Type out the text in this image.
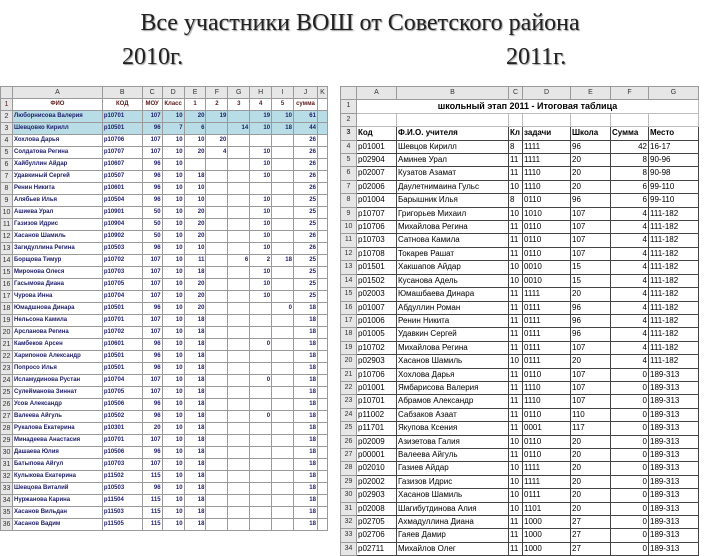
Все участники ВОШ от Советского района
2010г.	2011г.
	A	B	C	D	E	F	G	H	I	J	K
1	ФИО	КОД	МОУ	Класс	1	2	3	4	5	сумма	
2	Люборнисова Валерия	р10701	107	10	20	19		19	10	61	
3	Шевцовко Кирилл	р10501	96	7	6		14	10	18	44	
4	Хохлова Дарья	р10706	107	10	10	20				26	
5	Солдатова Регина	р10707	107	10	20	4		10		26	
6	Хайбуллин Айдар	р10607	96	10				10		26	
7	Удавкиный Сергей	р10507	96	10	18			10		26	
8	Ренин Никита	р10601	96	10	10					26	
9	Алябьев Илья	р10504	96	10	10			10		25	
10	Ашиева Урал	р10901	50	10	20			10		25	
11	Газизов Идрис	р10904	50	10	20			10		25	
12	Хасанов Шамиль	р10902	50	10	20			10		26	
13	Загидуллина Регина	р10503	96	10	10			10		26	
14	Борщова Тимур	р10702	107	10	11		6	2	18	25	
15	Миронова Олеся	р10703	107	10	18			10		25	
16	Гасымова Диана	р10705	107	10	20			10		25	
17	Чурова Инна	р10704	107	10	20			10		25	
18	Юмадшнова Динара	р10501	96	10	20				0	18	
19	Нельсона Камила	р10701	107	10	18					18	
20	Арсланова Регина	р10702	107	10	18					18	
21	Камбеков Арсен	р10601	96	10	18			0		18	
22	Харипонов Александр	р10501	96	10	18					18	
23	Попросо Илья	р10501	96	10	18					18	
24	Исламудинова Рустан	р10704	107	10	18			0		18	
25	Сулейманова Зиннат	р10705	107	10	18					18	
26	Усов Александр	р10506	96	10	18					18	
27	Валеева Айгуль	р10502	96	10	18			0		18	
28	Рукалова Екатерина	р10301	20	10	18					18	
29	Минадеева Анастасия	р10701	107	10	18					18	
30	Дашаева Юлия	р10506	96	10	18					18	
31	Батыпова Айгул	р10703	107	10	18					18	
32	Кулыкова Екатерина	р11502	115	10	18					18	
33	Шевцова Виталий	р10503	96	10	18					18	
34	Нуржанова Карина	р11504	115	10	18					18	
35	Хасанов Вильдан	р11503	115	10	18					18	
36	Хасанов Вадим	р11505	115	10	18					18	
	A	B	C	D	E	F	G
1	школьный этап 2011 - Итоговая таблица						
2							
3	Код	Ф.И.О. учителя	Кл	задачи	Школа	Сумма	Место
4	p01001	Шевцов Кирилл	8	1111	96	42	16-17
5	p02904	Аминев Урал	11	1111	20	8	90-96
6	p02007	Кузатов Азамат	11	1110	20	8	90-98
7	p02006	Даулетнимаина Гульс	10	1110	20	6	99-110
8	p01004	Барышник Илья	8	0110	96	6	99-110
9	p10707	Григорьев Михаил	10	1010	107	4	111-182
10	p10706	Михайлова Регина	11	0110	107	4	111-182
11	p10703	Сатнова Камила	11	0110	107	4	111-182
12	p10708	Токарев Рашат	11	0110	107	4	111-182
13	p01501	Хакшапов Айдар	10	0010	15	4	111-182
14	p01502	Кусанова Адель	10	0010	15	4	111-182
15	p02003	Юмашбаева Динара	11	1111	20	4	111-182
16	p01007	Абдуллин Роман	11	0111	96	4	111-182
17	p01006	Ренин Никита	11	0111	96	4	111-182
18	p01005	Удавкин Сергей	11	0111	96	4	111-182
19	p10702	Михайлова Регина	11	0111	107	4	111-182
20	p02903	Хасанов Шамиль	10	0111	20	4	111-182
21	p10706	Хохлова Дарья	11	0110	107	0	189-313
22	p01001	Ямбарисова Валерия	11	1110	107	0	189-313
23	p10701	Абрамов Александр	11	1110	107	0	189-313
24	p11002	Сабзаков Азаат	11	0110	110	0	189-313
25	p11701	Якупова Ксения	11	0001	117	0	189-313
26	p02009	Азизетова Галия	10	0110	20	0	189-313
27	p00001	Валеева Айгуль	11	0110	20	0	189-313
28	p02010	Газиев Айдар	10	1111	20	0	189-313
29	p02002	Газизов Идрис	10	1111	20	0	189-313
30	p02903	Хасанов Шамиль	10	0111	20	0	189-313
31	p02008	Шагибутдинова Алия	10	1101	20	0	189-313
32	p02705	Ахмадуллина Диана	11	1000	27	0	189-313
33	p02706	Гаяев Дамир	11	1000	27	0	189-313
34	p02711	Михайлов Олег	11	1000	27	0	189-313
